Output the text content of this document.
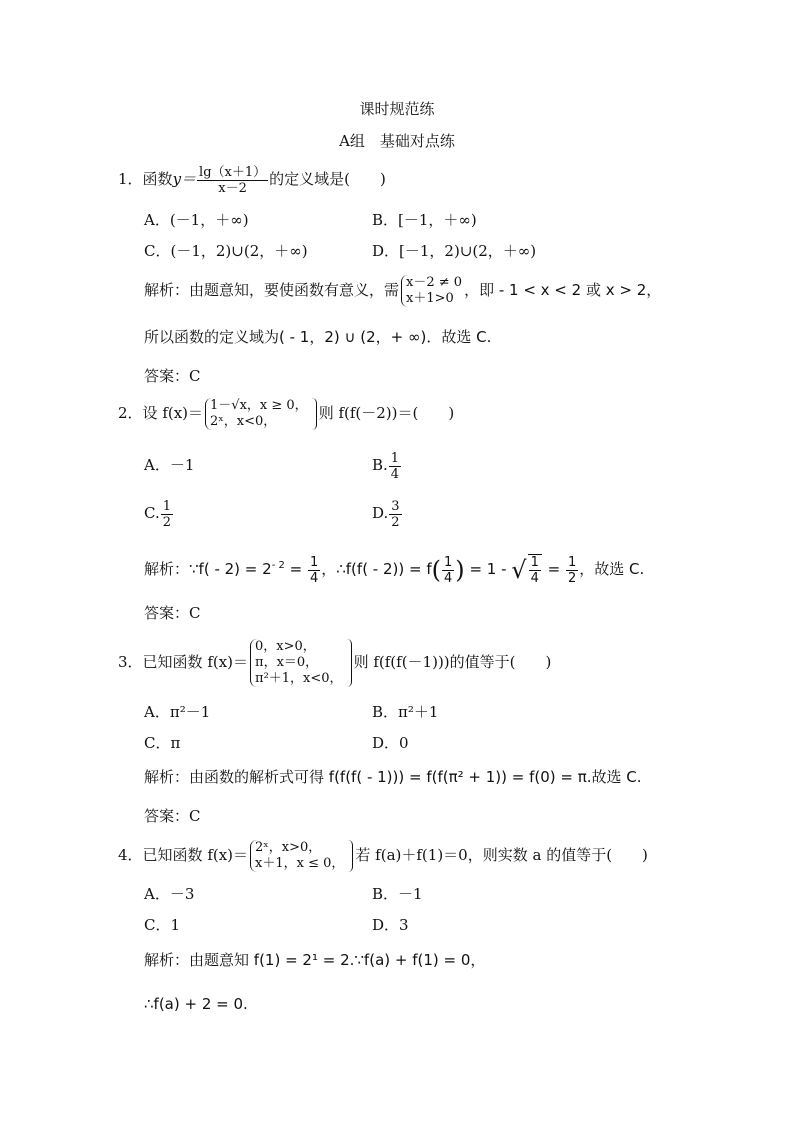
课时规范练
A组　基础对点练
1．函数$y= \frac{\lg(x+1)}{x-2}$ 的定义域是(　　)
A．(－1，＋∞)	B．[－1，＋∞)
C．(－1，2)∪(2，＋∞)	D．[－1，2)∪(2，＋∞)
解析：由题意知，要使函数有意义，需 x－2 ≠ 0
x＋1>0 ，即 - 1 < x < 2 或 x > 2，
所以函数的定义域为( - 1，2) ∪ (2，+ ∞)．故选 C.
答案：C
2．设 f(x)＝ 1－√x，x ≥ 0，
2ˣ，x<0，	则 f(f(－2))＝(　　)
A．－1	B. $\frac{1}{4}$
C. $\frac{1}{2}$	D. $\frac{3}{2}$
解析：∵f( - $2) = 2^{- 2} = \frac{1}{4}$ ，∴f(f( - $2)) = f( \frac{1}{4}$ ) = 1 - √ $\frac{1}{4} = \frac{1}{2}$ ，故选 C.
答案：C
3．已知函数 f(x)＝
0，x>0，
π，x＝0，
π²＋1，x<0，
则 f(f(f(－1)))的值等于(　　)
A．π²－1	B．π²＋1
C．π	D．0
解析：由函数的解析式可得 f(f(f( - 1))) = f(f(π² + 1)) = f(0) = π.故选 C.
答案：C
4．已知函数 f(x)＝ 2ˣ，x>0，
x＋1，x ≤ 0， 若 f(a)＋f(1)＝0，则实数 a 的值等于(　　)
A．－3	B．－1
C．1	D．3
解析：由题意知 f(1) = 2¹ = 2.∵f(a) + f(1) = 0，
∴f(a) + 2 = 0.
